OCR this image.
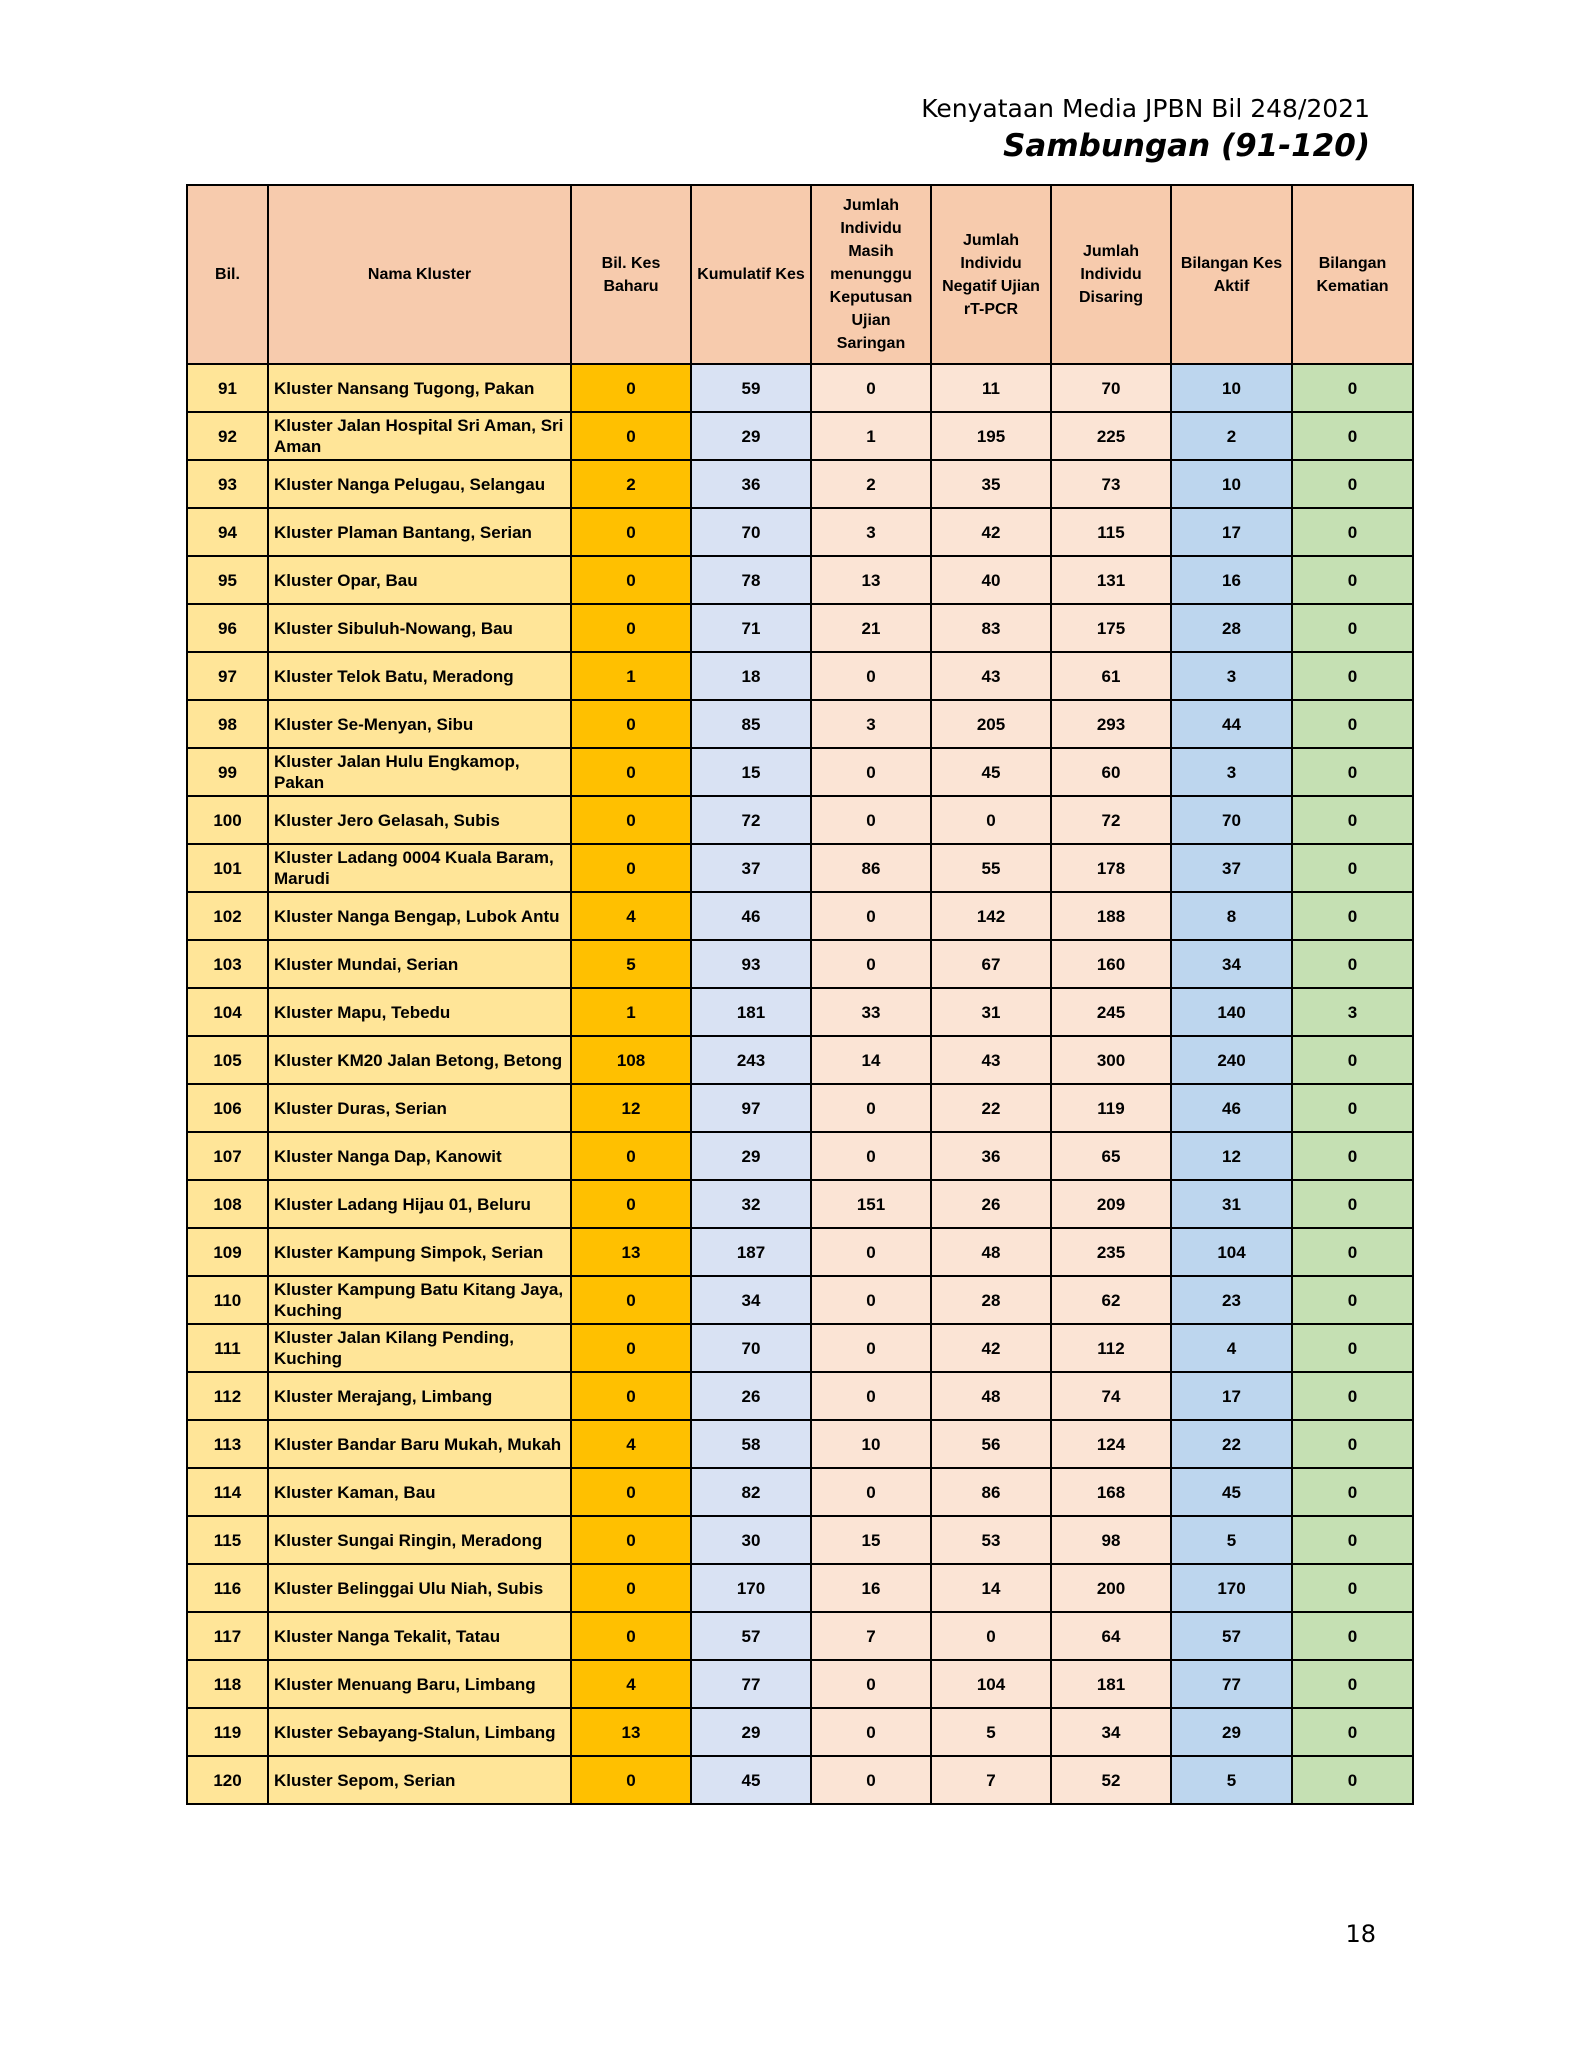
Kenyataan Media JPBN Bil 248/2021
Sambungan (91-120)
Bil.	Nama Kluster	Bil. Kes Baharu	Kumulatif Kes	Jumlah Individu Masih menunggu Keputusan Ujian Saringan	Jumlah Individu Negatif Ujian rT-PCR	Jumlah Individu Disaring	Bilangan Kes Aktif	Bilangan Kematian
91	Kluster Nansang Tugong, Pakan	0	59	0	11	70	10	0
92	Kluster Jalan Hospital Sri Aman, Sri Aman	0	29	1	195	225	2	0
93	Kluster Nanga Pelugau, Selangau	2	36	2	35	73	10	0
94	Kluster Plaman Bantang, Serian	0	70	3	42	115	17	0
95	Kluster Opar, Bau	0	78	13	40	131	16	0
96	Kluster Sibuluh-Nowang, Bau	0	71	21	83	175	28	0
97	Kluster Telok Batu, Meradong	1	18	0	43	61	3	0
98	Kluster Se-Menyan, Sibu	0	85	3	205	293	44	0
99	Kluster Jalan Hulu Engkamop, Pakan	0	15	0	45	60	3	0
100	Kluster Jero Gelasah, Subis	0	72	0	0	72	70	0
101	Kluster Ladang 0004 Kuala Baram, Marudi	0	37	86	55	178	37	0
102	Kluster Nanga Bengap, Lubok Antu	4	46	0	142	188	8	0
103	Kluster Mundai, Serian	5	93	0	67	160	34	0
104	Kluster Mapu, Tebedu	1	181	33	31	245	140	3
105	Kluster KM20 Jalan Betong, Betong	108	243	14	43	300	240	0
106	Kluster Duras, Serian	12	97	0	22	119	46	0
107	Kluster Nanga Dap, Kanowit	0	29	0	36	65	12	0
108	Kluster Ladang Hijau 01, Beluru	0	32	151	26	209	31	0
109	Kluster Kampung Simpok, Serian	13	187	0	48	235	104	0
110	Kluster Kampung Batu Kitang Jaya, Kuching	0	34	0	28	62	23	0
111	Kluster Jalan Kilang Pending, Kuching	0	70	0	42	112	4	0
112	Kluster Merajang, Limbang	0	26	0	48	74	17	0
113	Kluster Bandar Baru Mukah, Mukah	4	58	10	56	124	22	0
114	Kluster Kaman, Bau	0	82	0	86	168	45	0
115	Kluster Sungai Ringin, Meradong	0	30	15	53	98	5	0
116	Kluster Belinggai Ulu Niah, Subis	0	170	16	14	200	170	0
117	Kluster Nanga Tekalit, Tatau	0	57	7	0	64	57	0
118	Kluster Menuang Baru, Limbang	4	77	0	104	181	77	0
119	Kluster Sebayang-Stalun, Limbang	13	29	0	5	34	29	0
120	Kluster Sepom, Serian	0	45	0	7	52	5	0
18
